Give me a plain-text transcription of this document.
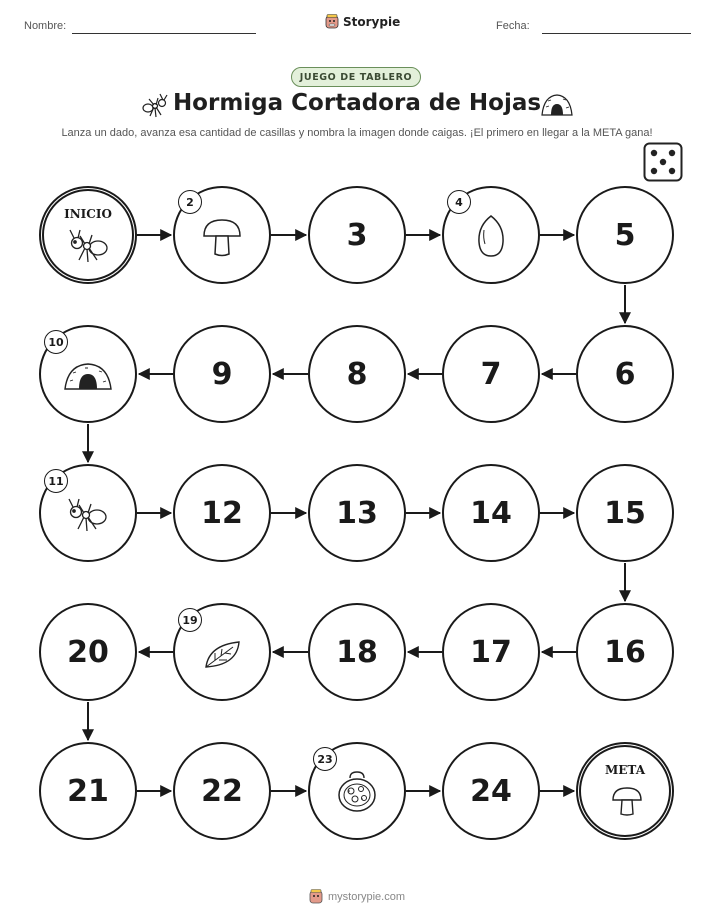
Nombre:	Storypie	Fecha:
JUEGO DE TABLERO
Hormiga Cortadora de Hojas
Lanza un dado, avanza esa cantidad de casillas y nombra la imagen donde caigas. ¡El primero en llegar a la META gana!
INICIO
3	5
6
7
8
9
12	13	14	15
16
17
18
20
21	22	24
META
2	4
10
11
19
23
mystorypie.com
